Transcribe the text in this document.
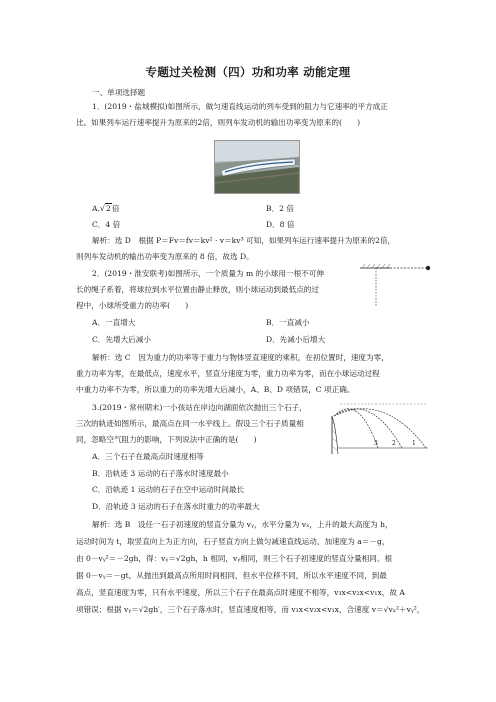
专题过关检测（四）功和功率 动能定理
一、单项选择题
1．(2019・盐城模拟)如图所示，做匀速直线运动的列车受到的阻力与它速率的平方成正
比。如果列车运行速率提升为原来的2倍，则列车发动机的输出功率变为原来的(　　)
A.√2倍	B．2 倍
C．4 倍	D．8 倍
解析：选 D　根据 P＝Fv＝fv＝kv² · v＝kv³ 可知，如果列车运行速率提升为原来的2倍，
则列车发动机的输出功率变为原来的 8 倍，故选 D。
2．(2019・淮安联考)如图所示，一个质量为 m 的小球用一根不可伸
长的绳子系着，将球拉到水平位置由静止释放，则小球运动到最低点的过
程中，小球所受重力的功率(　　)
A．一直增大	B．一直减小
C．先增大后减小	D．先减小后增大
解析：选 C　因为重力的功率等于重力与物体竖直速度的乘积，在初位置时，速度为零，
重力功率为零，在最低点，速度水平，竖直分速度为零，重力功率为零，而在小球运动过程
中重力功率不为零，所以重力的功率先增大后减小，A、B、D 项错误，C 项正确。
3.(2019・常州期末)一小孩站在岸边向湖面依次抛出三个石子，
三次的轨迹如图所示，最高点在同一水平线上。假设三个石子质量相
同，忽略空气阻力的影响，下列说法中正确的是(　　)	3 2	1
A．三个石子在最高点时速度相等
B．沿轨迹 3 运动的石子落水时速度最小
C．沿轨迹 1 运动的石子在空中运动时间最长
D．沿轨迹 3 运动的石子在落水时重力的功率最大
解析：选 B　设任一石子初速度的竖直分量为 vᵧ，水平分量为 vₓ，上升的最大高度为 h，
运动时间为 t，取竖直向上为正方向，石子竖直方向上做匀减速直线运动，加速度为 a＝－g，
由 0－vᵧ²＝－2gh，得：vᵧ＝√2gh，h 相同，vᵧ相同，则三个石子初速度的竖直分量相同。根
据 0－vᵧ＝－gt，从抛出到最高点所用时间相同，但水平位移不同，所以水平速度不同，到最
高点，竖直速度为零，只有水平速度，所以三个石子在最高点时速度不相等，v₃x<v₂x<v₁x，故 A
项错误；根据 vᵧ＝√2gh′，三个石子落水时，竖直速度相等，而 v₃x<v₂x<v₁x，合速度 v＝√vₓ²＋vᵧ²，
